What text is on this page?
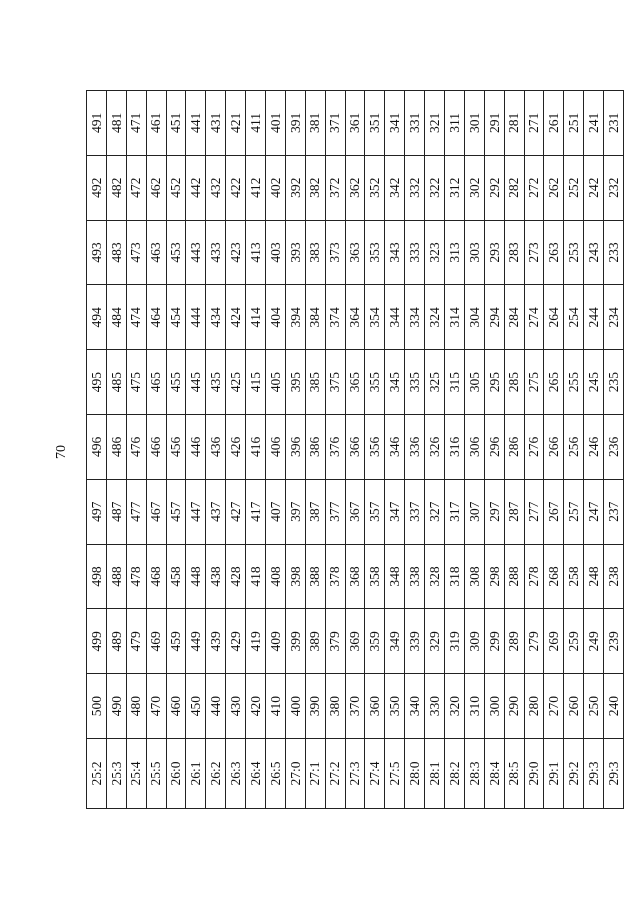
70
25:2	500	499	498	497	496	495	494	493	492	491
25:3	490	489	488	487	486	485	484	483	482	481
25:4	480	479	478	477	476	475	474	473	472	471
25:5	470	469	468	467	466	465	464	463	462	461
26:0	460	459	458	457	456	455	454	453	452	451
26:1	450	449	448	447	446	445	444	443	442	441
26:2	440	439	438	437	436	435	434	433	432	431
26:3	430	429	428	427	426	425	424	423	422	421
26:4	420	419	418	417	416	415	414	413	412	411
26:5	410	409	408	407	406	405	404	403	402	401
27:0	400	399	398	397	396	395	394	393	392	391
27:1	390	389	388	387	386	385	384	383	382	381
27:2	380	379	378	377	376	375	374	373	372	371
27:3	370	369	368	367	366	365	364	363	362	361
27:4	360	359	358	357	356	355	354	353	352	351
27:5	350	349	348	347	346	345	344	343	342	341
28:0	340	339	338	337	336	335	334	333	332	331
28:1	330	329	328	327	326	325	324	323	322	321
28:2	320	319	318	317	316	315	314	313	312	311
28:3	310	309	308	307	306	305	304	303	302	301
28:4	300	299	298	297	296	295	294	293	292	291
28:5	290	289	288	287	286	285	284	283	282	281
29:0	280	279	278	277	276	275	274	273	272	271
29:1	270	269	268	267	266	265	264	263	262	261
29:2	260	259	258	257	256	255	254	253	252	251
29:3	250	249	248	247	246	245	244	243	242	241
29:3	240	239	238	237	236	235	234	233	232	231
